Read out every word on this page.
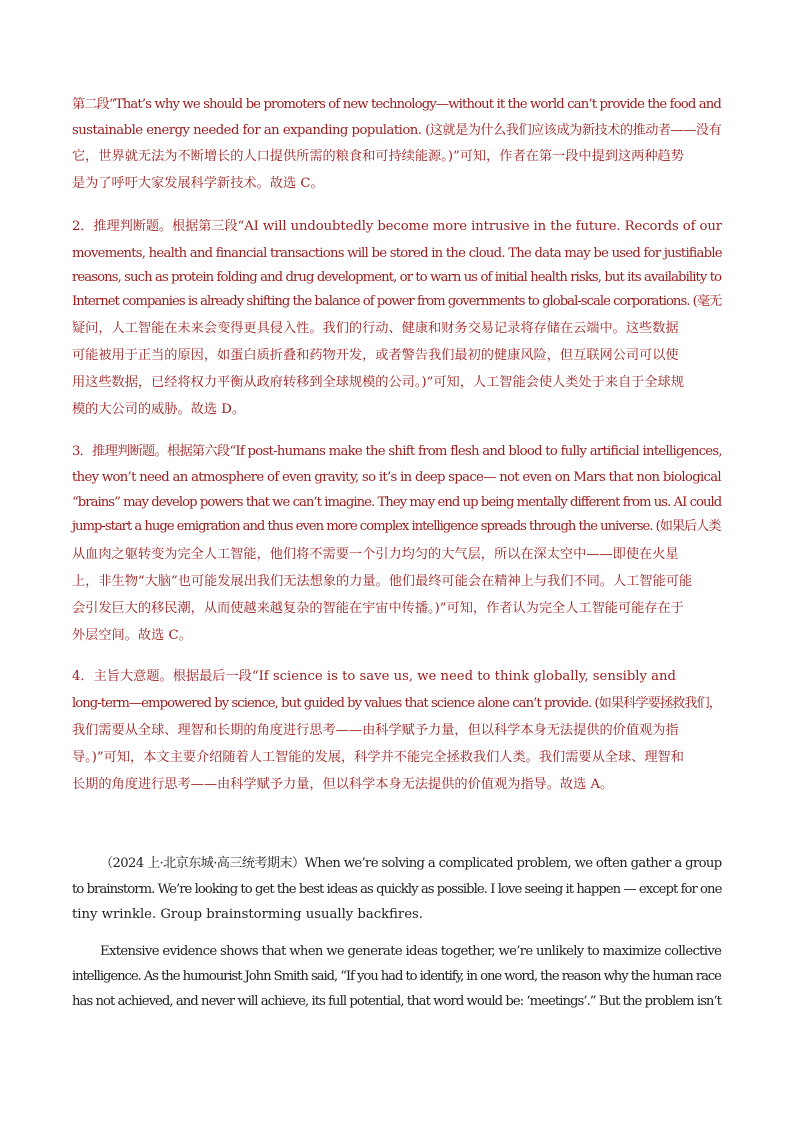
第二段“That’s why we should be promoters of new technology—without it the world can’t provide the food and
sustainable energy needed for an expanding population. (这就是为什么我们应该成为新技术的推动者——没有
它，世界就无法为不断增长的人口提供所需的粮食和可持续能源。)”可知，作者在第一段中提到这两种趋势
是为了呼吁大家发展科学新技术。故选 C。
2．推理判断题。根据第三段“AI will undoubtedly become more intrusive in the future. Records of our
movements, health and financial transactions will be stored in the cloud. The data may be used for justifiable
reasons, such as protein folding and drug development, or to warn us of initial health risks, but its availability to
Internet companies is already shifting the balance of power from governments to global-scale corporations. (毫无
疑问，人工智能在未来会变得更具侵入性。我们的行动、健康和财务交易记录将存储在云端中。这些数据
可能被用于正当的原因，如蛋白质折叠和药物开发，或者警告我们最初的健康风险，但互联网公司可以使
用这些数据，已经将权力平衡从政府转移到全球规模的公司。)”可知，人工智能会使人类处于来自于全球规
模的大公司的威胁。故选 D。
3．推理判断题。根据第六段“If post-humans make the shift from flesh and blood to fully artificial intelligences,
they won’t need an atmosphere of even gravity, so it’s in deep space— not even on Mars that non biological
“brains” may develop powers that we can’t imagine. They may end up being mentally different from us. AI could
jump-start a huge emigration and thus even more complex intelligence spreads through the universe. (如果后人类
从血肉之躯转变为完全人工智能，他们将不需要一个引力均匀的大气层，所以在深太空中——即使在火星
上，非生物“大脑”也可能发展出我们无法想象的力量。他们最终可能会在精神上与我们不同。人工智能可能
会引发巨大的移民潮，从而使越来越复杂的智能在宇宙中传播。)”可知，作者认为完全人工智能可能存在于
外层空间。故选 C。
4．主旨大意题。根据最后一段“If science is to save us, we need to think globally, sensibly and
long-term—empowered by science, but guided by values that science alone can’t provide. (如果科学要拯救我们，
我们需要从全球、理智和长期的角度进行思考——由科学赋予力量，但以科学本身无法提供的价值观为指
导。)”可知，本文主要介绍随着人工智能的发展，科学并不能完全拯救我们人类。我们需要从全球、理智和
长期的角度进行思考——由科学赋予力量，但以科学本身无法提供的价值观为指导。故选 A。
（2024 上·北京东城·高三统考期末）When we’re solving a complicated problem, we often gather a group
to brainstorm. We’re looking to get the best ideas as quickly as possible. I love seeing it happen — except for one
tiny wrinkle. Group brainstorming usually backfires.
Extensive evidence shows that when we generate ideas together, we’re unlikely to maximize collective
intelligence. As the humourist John Smith said, “If you had to identify, in one word, the reason why the human race
has not achieved, and never will achieve, its full potential, that word would be: ‘meetings’.” But the problem isn’t
